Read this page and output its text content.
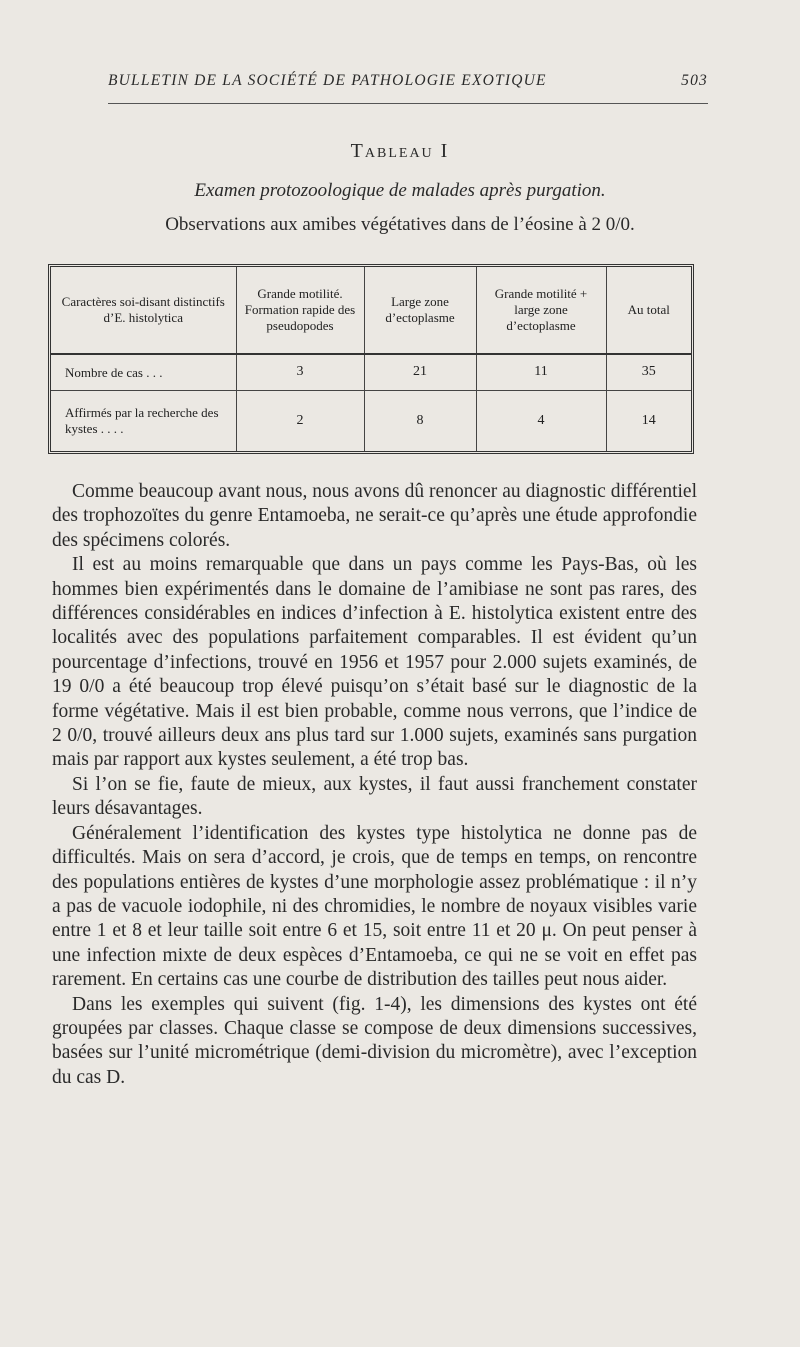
BULLETIN DE LA SOCIÉTÉ DE PATHOLOGIE EXOTIQUE	503
Tableau I
Examen protozoologique de malades après purgation.
Observations aux amibes végétatives dans de l’éosine à 2 0/0.
Caractères soi-disant distinctifs d’E. histolytica	Grande motilité. Formation rapide des pseudopodes	Large zone d’ectoplasme	Grande motilité + large zone d’ectoplasme	Au total
Nombre de cas . . .	3	21	11	35
Affirmés par la recherche des kystes . . . .	2	8	4	14

Comme beaucoup avant nous, nous avons dû renoncer au diagnostic différentiel des trophozoïtes du genre Entamoeba, ne serait-ce qu’après une étude approfondie des spécimens colorés.

Il est au moins remarquable que dans un pays comme les Pays-Bas, où les hommes bien expérimentés dans le domaine de l’amibiase ne sont pas rares, des différences considérables en indices d’infection à E. histolytica existent entre des localités avec des populations parfaitement comparables. Il est évident qu’un pourcentage d’infections, trouvé en 1956 et 1957 pour 2.000 sujets examinés, de 19 0/0 a été beaucoup trop élevé puisqu’on s’était basé sur le diagnostic de la forme végétative. Mais il est bien probable, comme nous verrons, que l’indice de 2 0/0, trouvé ailleurs deux ans plus tard sur 1.000 sujets, examinés sans purgation mais par rapport aux kystes seulement, a été trop bas.

Si l’on se fie, faute de mieux, aux kystes, il faut aussi franchement constater leurs désavantages.

Généralement l’identification des kystes type histolytica ne donne pas de difficultés. Mais on sera d’accord, je crois, que de temps en temps, on rencontre des populations entières de kystes d’une morphologie assez problématique : il n’y a pas de vacuole iodophile, ni des chromidies, le nombre de noyaux visibles varie entre 1 et 8 et leur taille soit entre 6 et 15, soit entre 11 et 20 μ. On peut penser à une infection mixte de deux espèces d’Entamoeba, ce qui ne se voit en effet pas rarement. En certains cas une courbe de distribution des tailles peut nous aider.

Dans les exemples qui suivent (fig. 1-4), les dimensions des kystes ont été groupées par classes. Chaque classe se compose de deux dimensions successives, basées sur l’unité micrométrique (demi-division du micromètre), avec l’exception du cas D.
